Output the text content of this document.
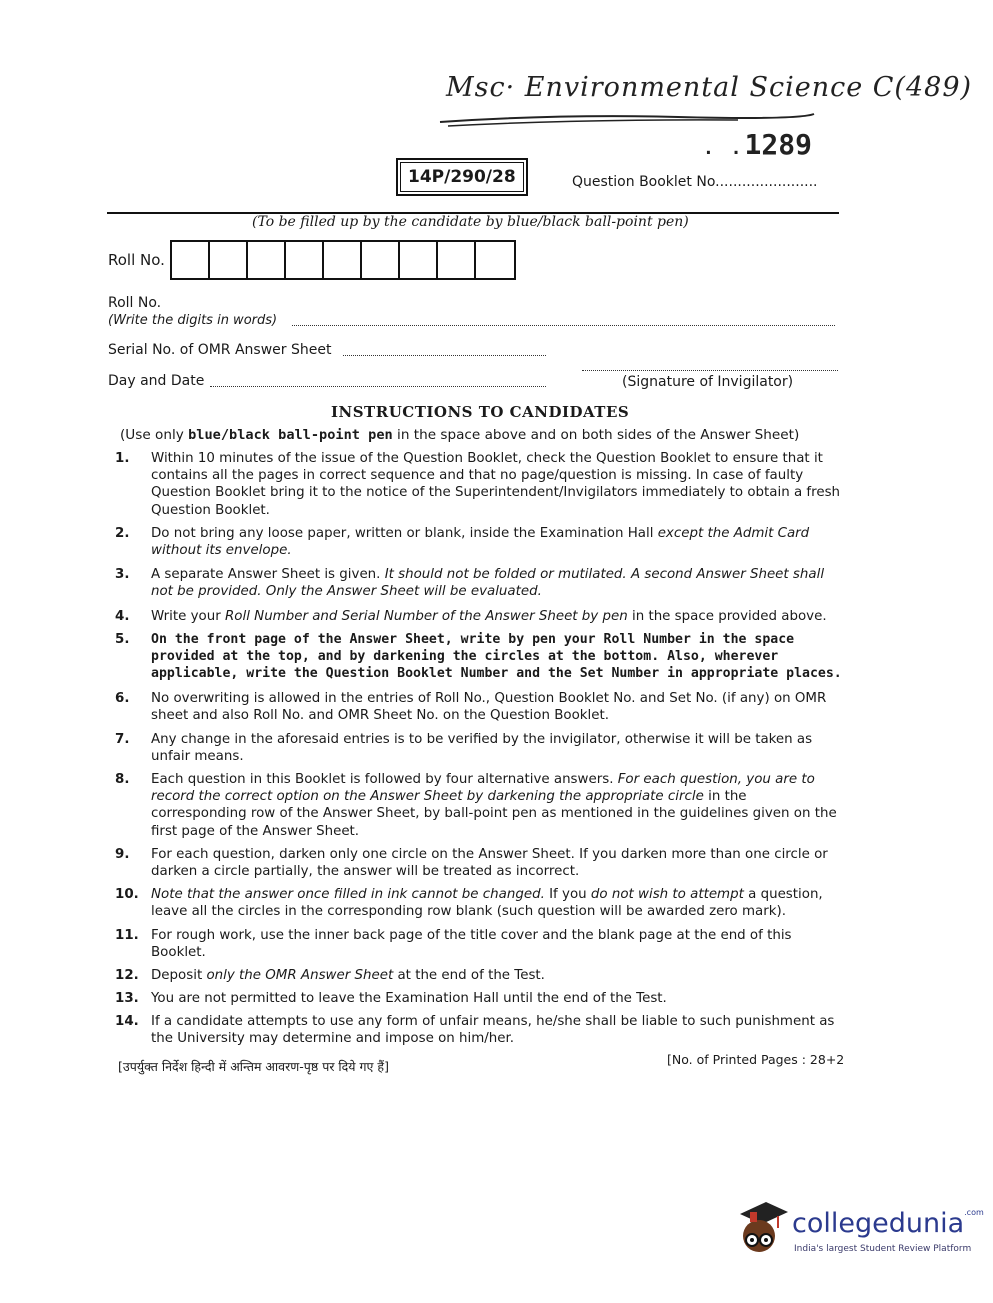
Msc· Environmental Science C(489)
. .1289
14P/290/28	Question Booklet No.......................
(To be filled up by the candidate by blue/black ball-point pen)
Roll No.
Roll No.
(Write the digits in words)
Serial No. of OMR Answer Sheet
Day and Date	(Signature of Invigilator)
INSTRUCTIONS TO CANDIDATES
(Use only blue/black ball-point pen in the space above and on both sides of the Answer Sheet)
1.	Within 10 minutes of the issue of the Question Booklet, check the Question Booklet to ensure that it contains all the pages in correct sequence and that no page/question is missing. In case of faulty Question Booklet bring it to the notice of the Superintendent/Invigilators immediately to obtain a fresh Question Booklet.
2.	Do not bring any loose paper, written or blank, inside the Examination Hall except the Admit Card without its envelope.
3.	A separate Answer Sheet is given. It should not be folded or mutilated. A second Answer Sheet shall not be provided. Only the Answer Sheet will be evaluated.
4.	Write your Roll Number and Serial Number of the Answer Sheet by pen in the space provided above.
5.	On the front page of the Answer Sheet, write by pen your Roll Number in the space provided at the top, and by darkening the circles at the bottom. Also, wherever applicable, write the Question Booklet Number and the Set Number in appropriate places.
6.	No overwriting is allowed in the entries of Roll No., Question Booklet No. and Set No. (if any) on OMR sheet and also Roll No. and OMR Sheet No. on the Question Booklet.
7.	Any change in the aforesaid entries is to be verified by the invigilator, otherwise it will be taken as unfair means.
8.	Each question in this Booklet is followed by four alternative answers. For each question, you are to record the correct option on the Answer Sheet by darkening the appropriate circle in the corresponding row of the Answer Sheet, by ball-point pen as mentioned in the guidelines given on the first page of the Answer Sheet.
9.	For each question, darken only one circle on the Answer Sheet. If you darken more than one circle or darken a circle partially, the answer will be treated as incorrect.
10. Note that the answer once filled in ink cannot be changed. If you do not wish to attempt a question, leave all the circles in the corresponding row blank (such question will be awarded zero mark).
11. For rough work, use the inner back page of the title cover and the blank page at the end of this Booklet.
12. Deposit only the OMR Answer Sheet at the end of the Test.
13. You are not permitted to leave the Examination Hall until the end of the Test.
14. If a candidate attempts to use any form of unfair means, he/she shall be liable to such punishment as the University may determine and impose on him/her.
[उपर्युक्त निर्देश हिन्दी में अन्तिम आवरण-पृष्ठ पर दिये गए हैं]	[No. of Printed Pages : 28+2
collegedunia$^{.com}$
India's largest Student Review Platform
